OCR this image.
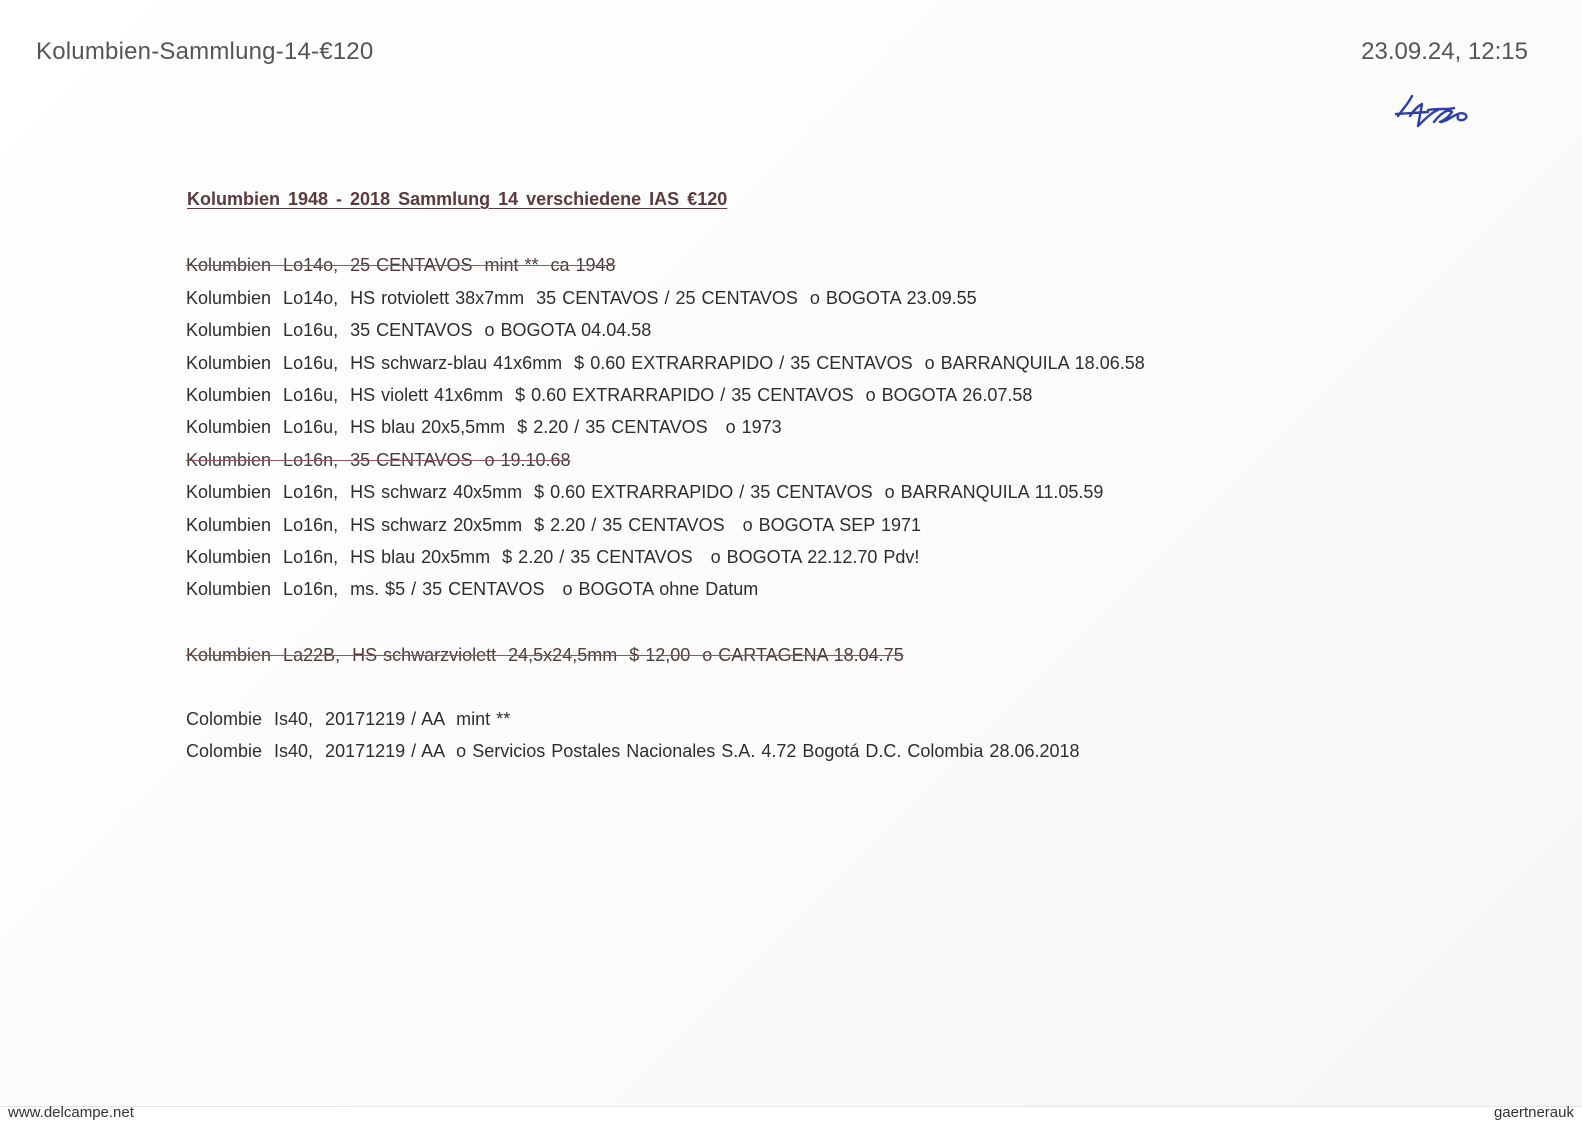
Kolumbien-Sammlung-14-€120	23.09.24, 12:15
Kolumbien 1948 - 2018 Sammlung 14 verschiedene IAS €120
Kolumbien  Lo14o,  25 CENTAVOS  mint **  ca 1948
Kolumbien  Lo14o,  HS rotviolett 38x7mm  35 CENTAVOS / 25 CENTAVOS  o BOGOTA 23.09.55
Kolumbien  Lo16u,  35 CENTAVOS  o BOGOTA 04.04.58
Kolumbien  Lo16u,  HS schwarz-blau 41x6mm  $ 0.60 EXTRARRAPIDO / 35 CENTAVOS  o BARRANQUILA 18.06.58
Kolumbien  Lo16u,  HS violett 41x6mm  $ 0.60 EXTRARRAPIDO / 35 CENTAVOS  o BOGOTA 26.07.58
Kolumbien  Lo16u,  HS blau 20x5,5mm  $ 2.20 / 35 CENTAVOS   o 1973
Kolumbien  Lo16n,  35 CENTAVOS  o 19.10.68
Kolumbien  Lo16n,  HS schwarz 40x5mm  $ 0.60 EXTRARRAPIDO / 35 CENTAVOS  o BARRANQUILA 11.05.59
Kolumbien  Lo16n,  HS schwarz 20x5mm  $ 2.20 / 35 CENTAVOS   o BOGOTA SEP 1971
Kolumbien  Lo16n,  HS blau 20x5mm  $ 2.20 / 35 CENTAVOS   o BOGOTA 22.12.70 Pdv!
Kolumbien  Lo16n,  ms. $5 / 35 CENTAVOS   o BOGOTA ohne Datum
Kolumbien  La22B,  HS schwarzviolett  24,5x24,5mm  $ 12,00  o CARTAGENA 18.04.75
Colombie  Is40,  20171219 / AA  mint **
Colombie  Is40,  20171219 / AA  o Servicios Postales Nacionales S.A. 4.72 Bogotá D.C. Colombia 28.06.2018
www.delcampe.net	gaertnerauk
